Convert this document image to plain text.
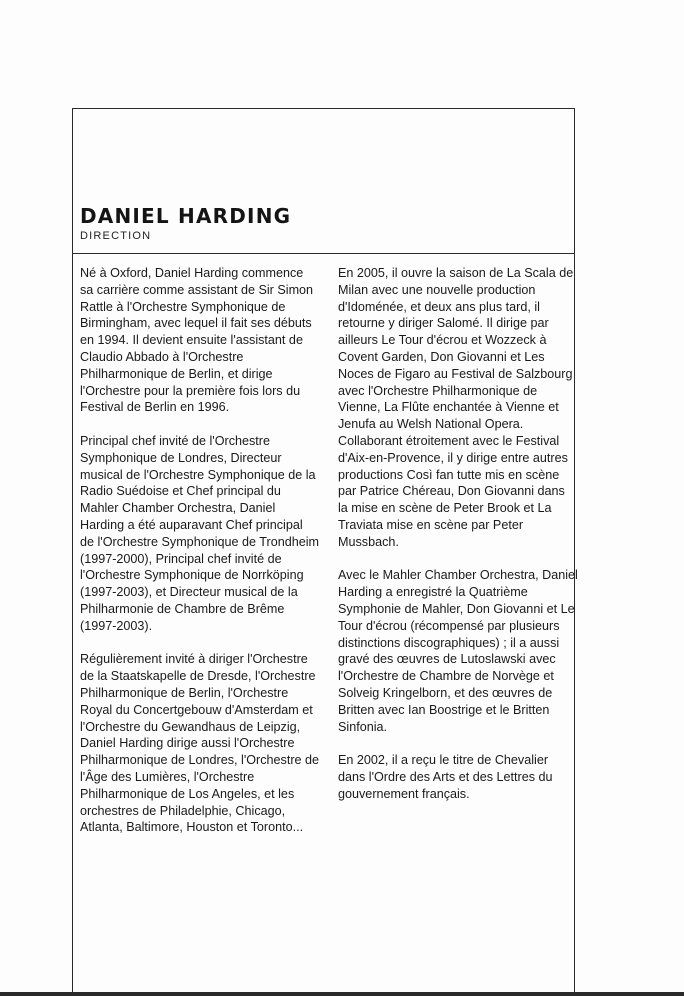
DANIEL HARDING
DIRECTION

Né à Oxford, Daniel Harding commence sa carrière comme assistant de Sir Simon Rattle à l'Orchestre Symphonique de Birmingham, avec lequel il fait ses débuts en 1994. Il devient ensuite l'assistant de Claudio Abbado à l'Orchestre Philharmonique de Berlin, et dirige l'Orchestre pour la première fois lors du Festival de Berlin en 1996.

Principal chef invité de l'Orchestre Symphonique de Londres, Directeur musical de l'Orchestre Symphonique de la Radio Suédoise et Chef principal du Mahler Chamber Orchestra, Daniel Harding a été auparavant Chef principal de l'Orchestre Symphonique de Trondheim (1997-2000), Principal chef invité de l'Orchestre Symphonique de Norrköping (1997-2003), et Directeur musical de la Philharmonie de Chambre de Brême (1997-2003).

Régulièrement invité à diriger l'Orchestre de la Staatskapelle de Dresde, l'Orchestre Philharmonique de Berlin, l'Orchestre Royal du Concertgebouw d'Amsterdam et l'Orchestre du Gewandhaus de Leipzig, Daniel Harding dirige aussi l'Orchestre Philharmonique de Londres, l'Orchestre de l'Âge des Lumières, l'Orchestre Philharmonique de Los Angeles, et les orchestres de Philadelphie, Chicago, Atlanta, Baltimore, Houston et Toronto...

En 2005, il ouvre la saison de La Scala de Milan avec une nouvelle production d'Idoménée, et deux ans plus tard, il retourne y diriger Salomé. Il dirige par ailleurs Le Tour d'écrou et Wozzeck à Covent Garden, Don Giovanni et Les Noces de Figaro au Festival de Salzbourg avec l'Orchestre Philharmonique de Vienne, La Flûte enchantée à Vienne et Jenufa au Welsh National Opera. Collaborant étroitement avec le Festival d'Aix-en-Provence, il y dirige entre autres productions Così fan tutte mis en scène par Patrice Chéreau, Don Giovanni dans la mise en scène de Peter Brook et La Traviata mise en scène par Peter Mussbach.

Avec le Mahler Chamber Orchestra, Daniel Harding a enregistré la Quatrième Symphonie de Mahler, Don Giovanni et Le Tour d'écrou (récompensé par plusieurs distinctions discographiques) ; il a aussi gravé des œuvres de Lutoslawski avec l'Orchestre de Chambre de Norvège et Solveig Kringelborn, et des œuvres de Britten avec Ian Boostrige et le Britten Sinfonia.

En 2002, il a reçu le titre de Chevalier dans l'Ordre des Arts et des Lettres du gouvernement français.
